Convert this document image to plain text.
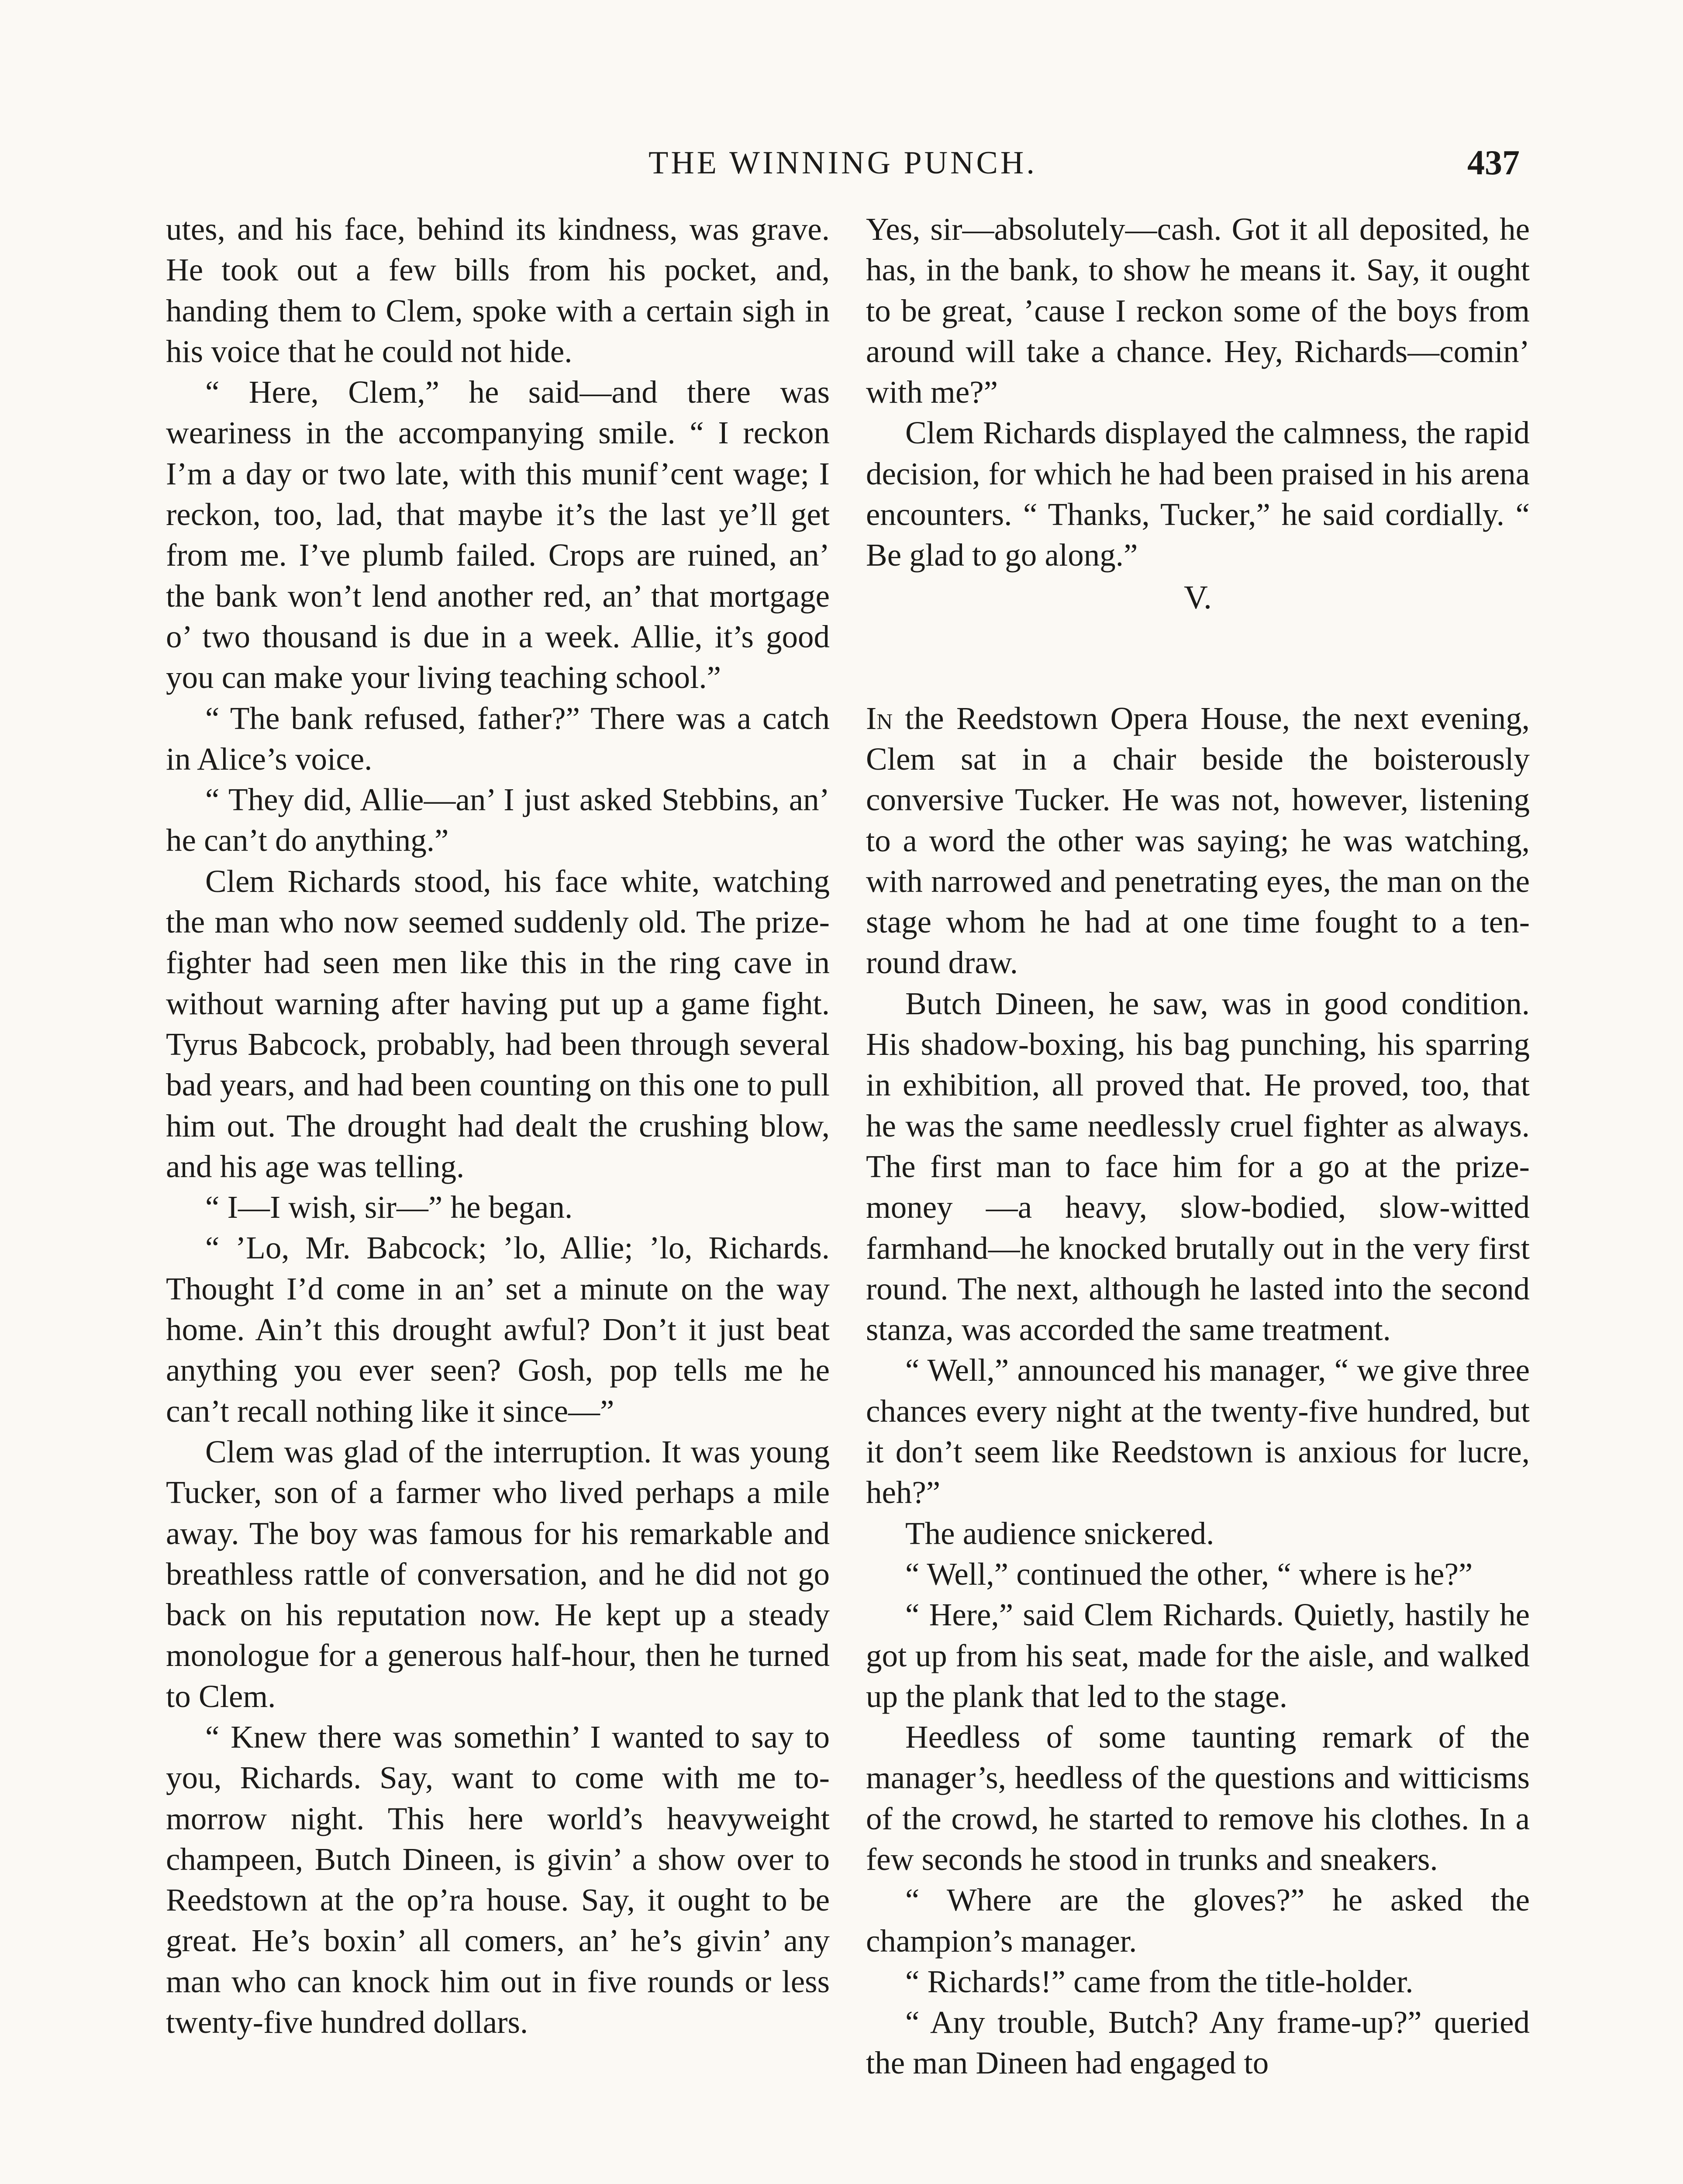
THE WINNING PUNCH.	437

utes, and his face, behind its kindness, was grave. He took out a few bills from his pocket, and, handing them to Clem, spoke with a certain sigh in his voice that he could not hide.

“ Here, Clem,” he said—and there was weariness in the accompanying smile. “ I reckon I’m a day or two late, with this munif’cent wage; I reckon, too, lad, that maybe it’s the last ye’ll get from me. I’ve plumb failed. Crops are ruined, an’ the bank won’t lend another red, an’ that mortgage o’ two thousand is due in a week. Allie, it’s good you can make your living teaching school.”

“ The bank refused, father?” There was a catch in Alice’s voice.

“ They did, Allie—an’ I just asked Stebbins, an’ he can’t do anything.”

Clem Richards stood, his face white, watching the man who now seemed suddenly old. The prize-fighter had seen men like this in the ring cave in without warning after having put up a game fight. Tyrus Babcock, probably, had been through several bad years, and had been counting on this one to pull him out. The drought had dealt the crushing blow, and his age was telling.

“ I—I wish, sir—” he began.

“ ’Lo, Mr. Babcock; ’lo, Allie; ’lo, Richards. Thought I’d come in an’ set a minute on the way home. Ain’t this drought awful? Don’t it just beat anything you ever seen? Gosh, pop tells me he can’t recall nothing like it since—”

Clem was glad of the interruption. It was young Tucker, son of a farmer who lived perhaps a mile away. The boy was famous for his remarkable and breathless rattle of conversation, and he did not go back on his reputation now. He kept up a steady monologue for a generous half-hour, then he turned to Clem.

“ Knew there was somethin’ I wanted to say to you, Richards. Say, want to come with me to-morrow night. This here world’s heavyweight champeen, Butch Dineen, is givin’ a show over to Reedstown at the op’ra house. Say, it ought to be great. He’s boxin’ all comers, an’ he’s givin’ any man who can knock him out in five rounds or less twenty-five hundred dollars.

Yes, sir—absolutely—cash. Got it all deposited, he has, in the bank, to show he means it. Say, it ought to be great, ’cause I reckon some of the boys from around will take a chance. Hey, Richards—comin’ with me?”

Clem Richards displayed the calmness, the rapid decision, for which he had been praised in his arena encounters. “ Thanks, Tucker,” he said cordially. “ Be glad to go along.”

V.

In the Reedstown Opera House, the next evening, Clem sat in a chair beside the boisterously conversive Tucker. He was not, however, listening to a word the other was saying; he was watching, with narrowed and penetrating eyes, the man on the stage whom he had at one time fought to a ten-round draw.

Butch Dineen, he saw, was in good condition. His shadow-boxing, his bag punching, his sparring in exhibition, all proved that. He proved, too, that he was the same needlessly cruel fighter as always. The first man to face him for a go at the prize-money —a heavy, slow-bodied, slow-witted farmhand—he knocked brutally out in the very first round. The next, although he lasted into the second stanza, was accorded the same treatment.

“ Well,” announced his manager, “ we give three chances every night at the twenty-five hundred, but it don’t seem like Reedstown is anxious for lucre, heh?”

The audience snickered.

“ Well,” continued the other, “ where is he?”

“ Here,” said Clem Richards. Quietly, hastily he got up from his seat, made for the aisle, and walked up the plank that led to the stage.

Heedless of some taunting remark of the manager’s, heedless of the questions and witticisms of the crowd, he started to remove his clothes. In a few seconds he stood in trunks and sneakers.

“ Where are the gloves?” he asked the champion’s manager.

“ Richards!” came from the title-holder.

“ Any trouble, Butch? Any frame-up?” queried the man Dineen had engaged to
